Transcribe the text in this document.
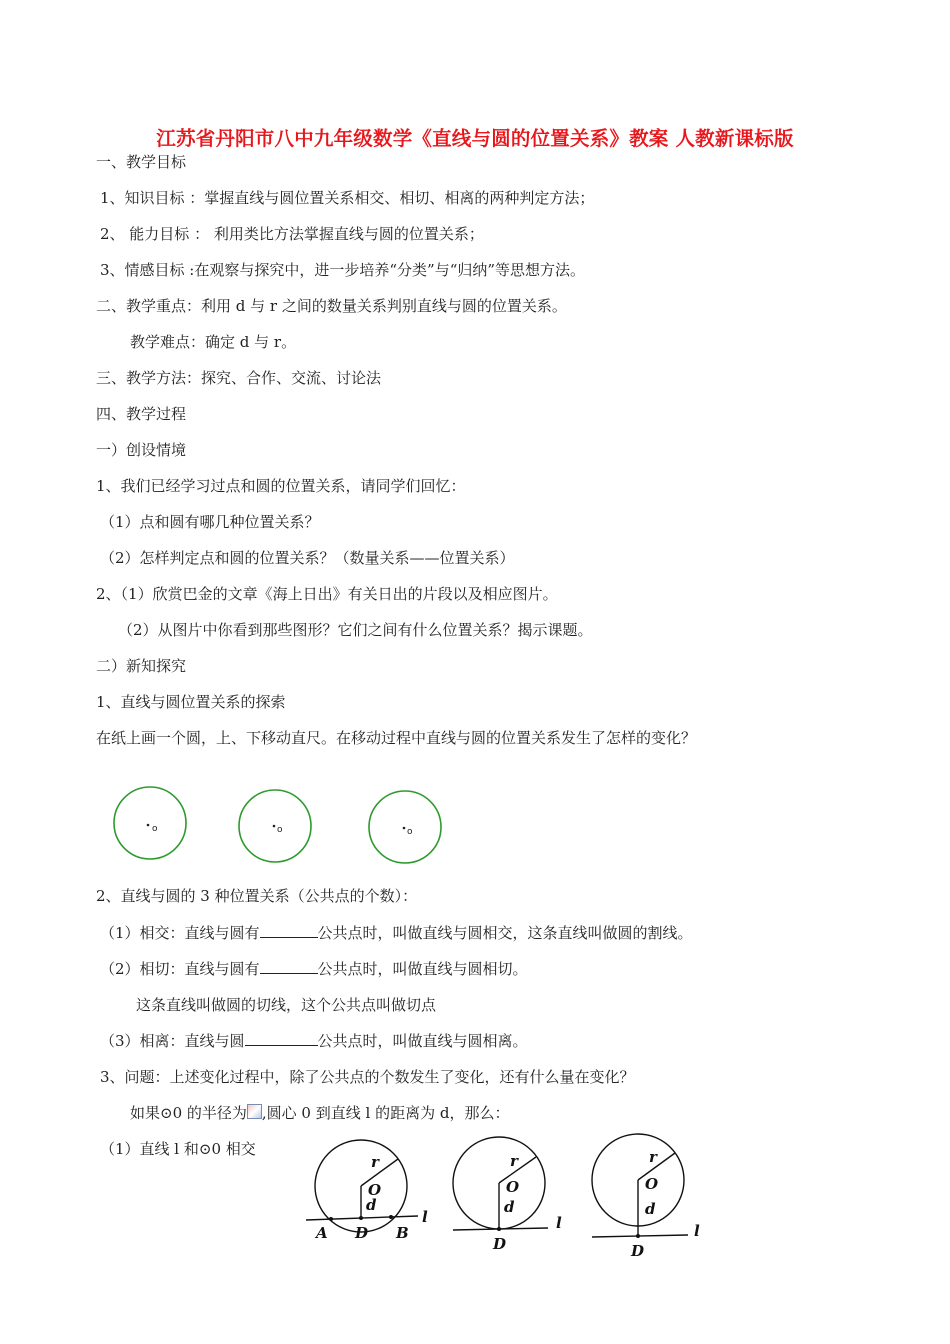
江苏省丹阳市八中九年级数学《直线与圆的位置关系》教案 人教新课标版
一、教学目标
1、知识目标 ：掌握直线与圆位置关系相交、相切、相离的两种判定方法；
2、 能力目标 ： 利用类比方法掌握直线与圆的位置关系；
3、情感目标 :在观察与探究中，进一步培养“分类”与“归纳”等思想方法。
二、教学重点：利用 d 与 r 之间的数量关系判别直线与圆的位置关系。
教学难点：确定 d 与 r。
三、教学方法：探究、合作、交流、讨论法
四、教学过程
一）创设情境
1、我们已经学习过点和圆的位置关系，请同学们回忆：
（1）点和圆有哪几种位置关系？
（2）怎样判定点和圆的位置关系？（数量关系——位置关系）
2、（1）欣赏巴金的文章《海上日出》有关日出的片段以及相应图片。
（2）从图片中你看到那些图形？它们之间有什么位置关系？揭示课题。
二）新知探究
1、直线与圆位置关系的探索
在纸上画一个圆，上、下移动直尺。在移动过程中直线与圆的位置关系发生了怎样的变化？
o	o	o
r
O
d
l
A D B
r
O
d
l
D
r
O
d
l
D
2、直线与圆的 3 种位置关系（公共点的个数）：
（1）相交：直线与圆有	公共点时，叫做直线与圆相交，这条直线叫做圆的割线。
（2）相切：直线与圆有	公共点时，叫做直线与圆相切。
这条直线叫做圆的切线，这个公共点叫做切点
（3）相离：直线与圆	公共点时，叫做直线与圆相离。
3、问题：上述变化过程中，除了公共点的个数发生了变化，还有什么量在变化？
如果⊙0 的半径为 ,圆心 0 到直线 l 的距离为 d，那么：
（1）直线 l 和⊙0 相交
